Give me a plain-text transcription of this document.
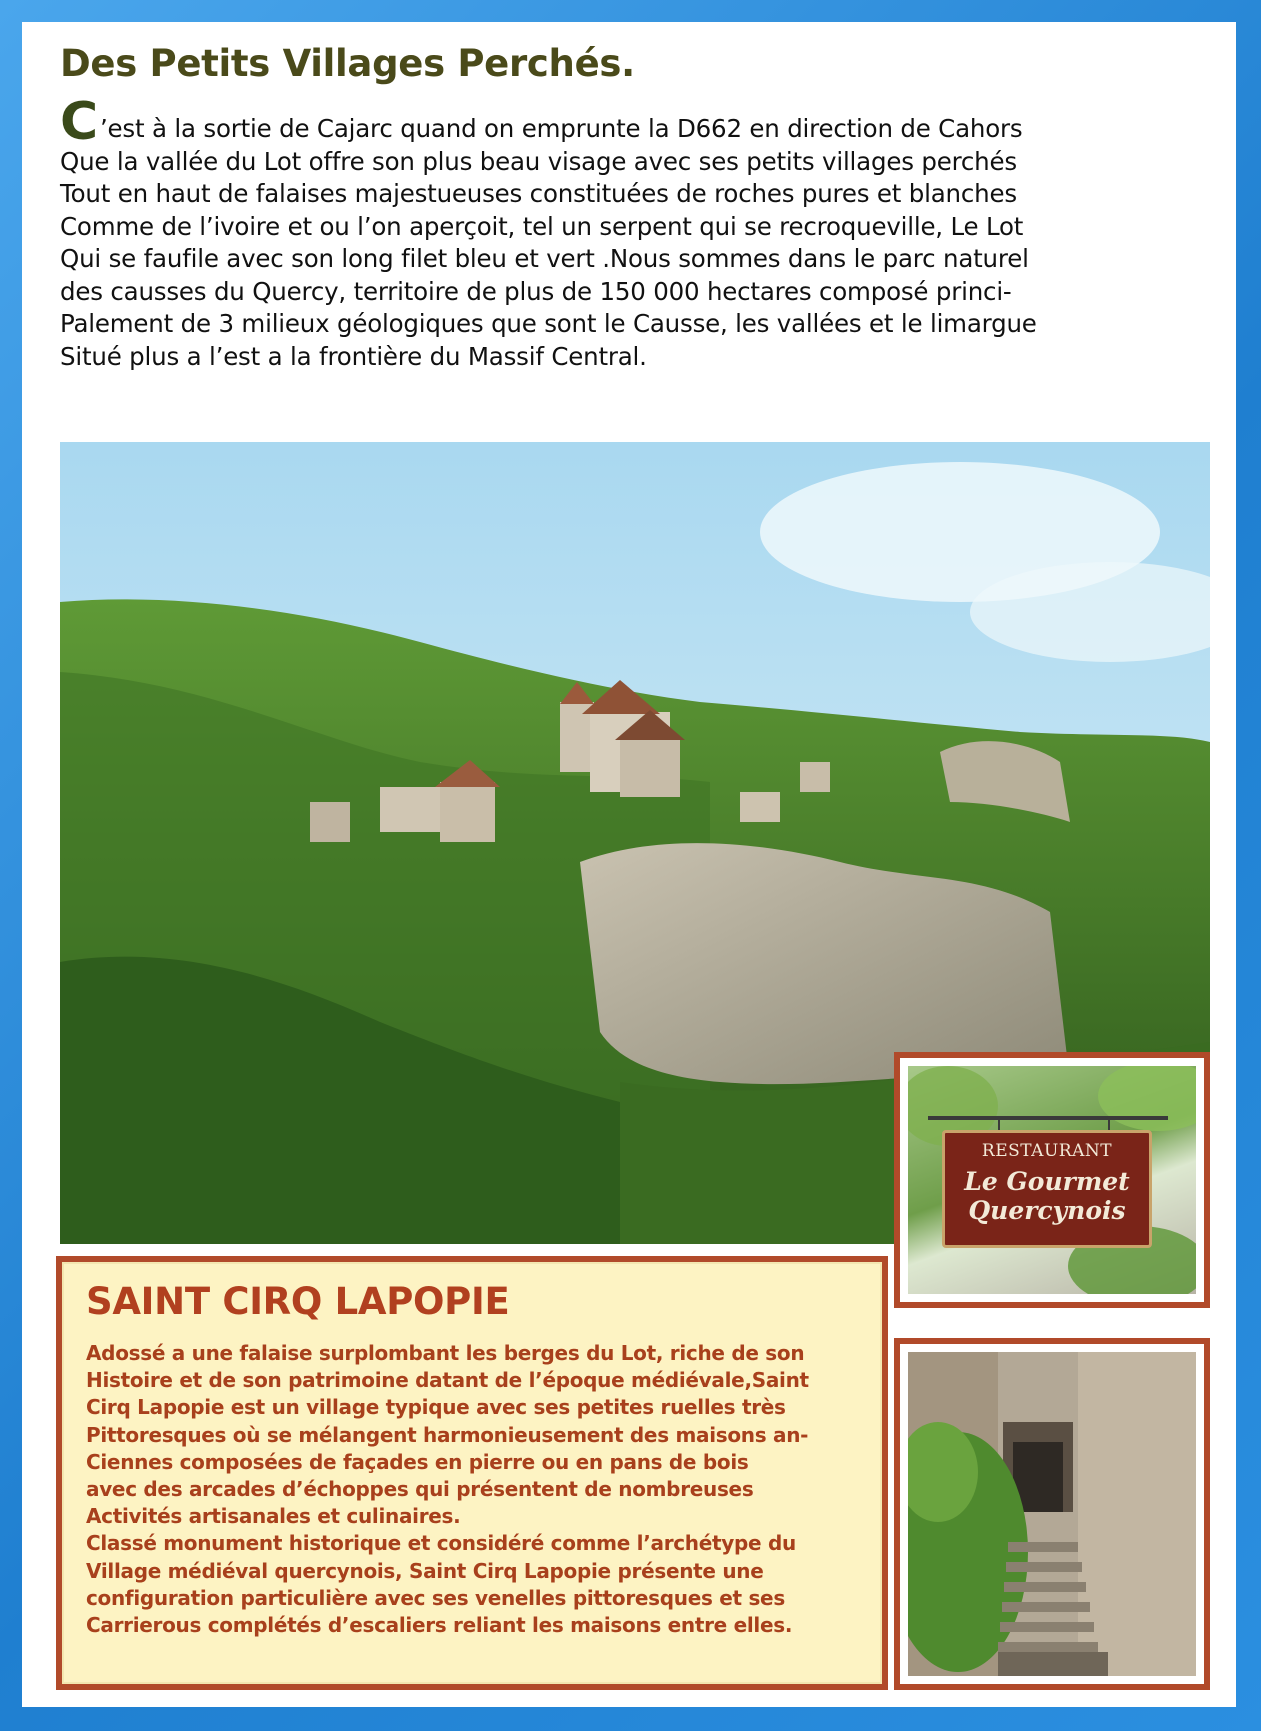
Des Petits Villages Perchés.
C’est à la sortie de Cajarc quand on emprunte la D662 en direction de Cahors
Que la vallée du Lot offre son plus beau visage avec ses petits villages perchés
Tout en haut de falaises majestueuses constituées de roches pures et blanches
Comme de l’ivoire et ou l’on aperçoit, tel un serpent qui se recroqueville, Le Lot
Qui se faufile avec son long filet bleu et vert .Nous sommes dans le parc naturel
des causses du Quercy, territoire de plus de 150 000 hectares composé princi-
Palement de 3 milieux géologiques que sont le Causse, les vallées et le limargue
Situé plus a l’est a la frontière du Massif Central.
SAINT CIRQ LAPOPIE
Adossé a une falaise surplombant les berges du Lot, riche de son
Histoire et de son patrimoine datant de l’époque médiévale,Saint
Cirq Lapopie est un village typique avec ses petites ruelles très
Pittoresques où se mélangent harmonieusement des maisons an-
Ciennes composées de façades en pierre ou en pans de bois
avec des arcades d’échoppes qui présentent de nombreuses
Activités artisanales et culinaires.
Classé monument historique et considéré comme l’archétype du
Village médiéval quercynois, Saint Cirq Lapopie présente une
configuration particulière avec ses venelles pittoresques et ses
Carrierous complétés d’escaliers reliant les maisons entre elles.
RESTAURANT
Le Gourmet
Quercynois
